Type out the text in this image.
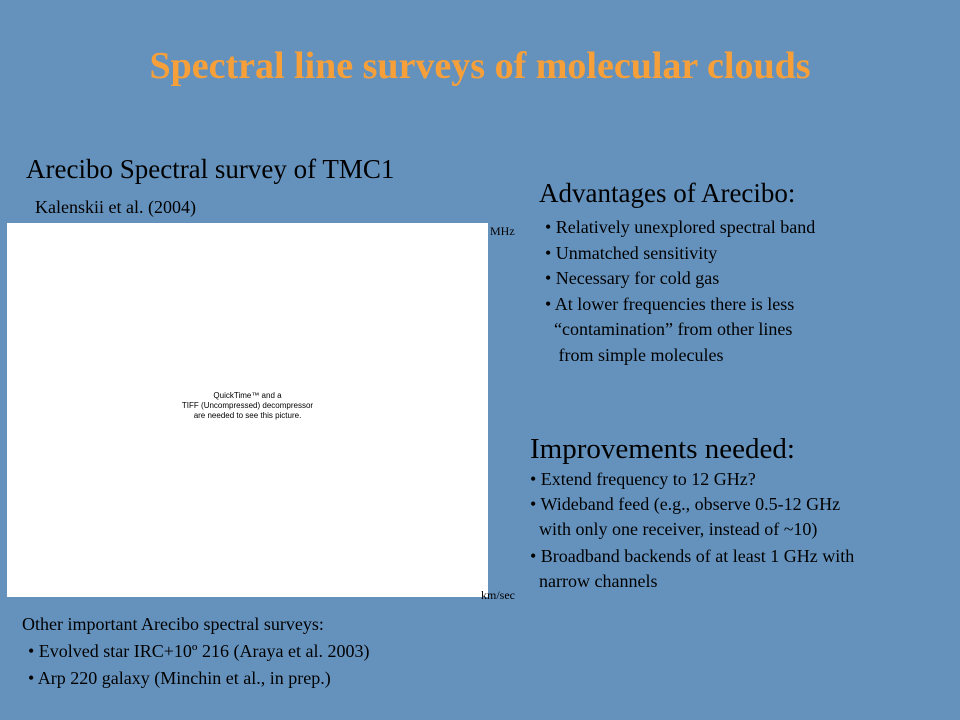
Spectral line surveys of molecular clouds
Arecibo Spectral survey of TMC1
Kalenskii et al. (2004)
QuickTime™ and a
TIFF (Uncompressed) decompressor
are needed to see this picture.
MHz
km/sec
Advantages of Arecibo:
• Relatively unexplored spectral band
• Unmatched sensitivity
• Necessary for cold gas
• At lower frequencies there is less
“contamination” from other lines
from simple molecules
Improvements needed:
• Extend frequency to 12 GHz?
• Wideband feed (e.g., observe 0.5-12 GHz
with only one receiver, instead of ~10)
• Broadband backends of at least 1 GHz with
narrow channels
Other important Arecibo spectral surveys:
• Evolved star IRC+10º 216 (Araya et al. 2003)
• Arp 220 galaxy (Minchin et al., in prep.)
